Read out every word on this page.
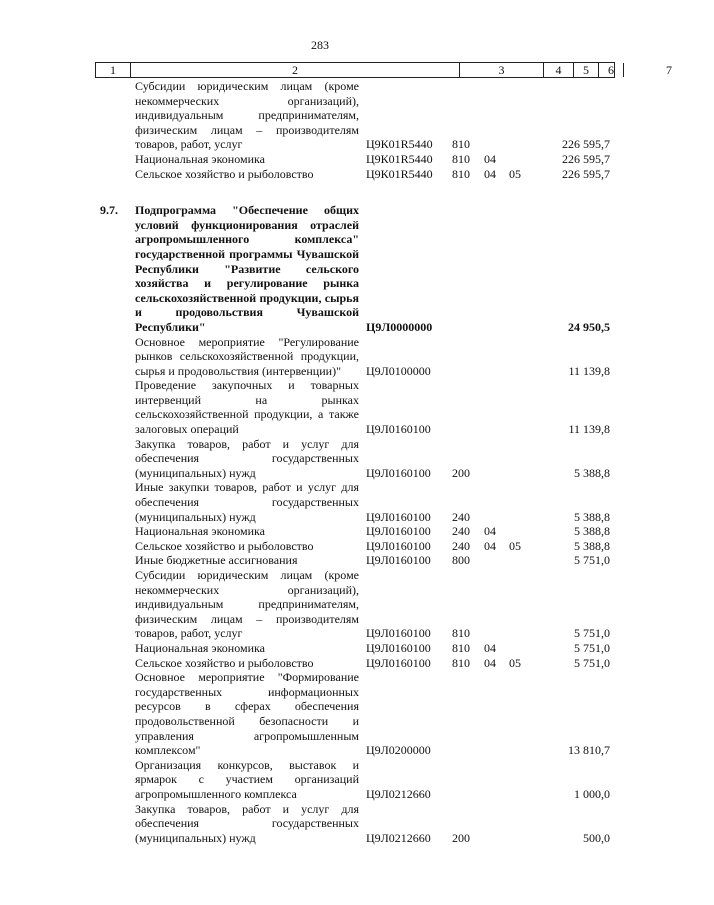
283
1	2	3	4	5	6	7
Субсидии юридическим лицам (кроме некоммерческих организаций), индивидуальным предпринимателям, физическим лицам – производителям товаров, работ, услуг	Ц9К01R5440 810	226 595,7
Национальная экономика	Ц9К01R5440 810 04	226 595,7
Сельское хозяйство и рыболовство	Ц9К01R5440 810 04 05	226 595,7
9.7. Подпрограмма "Обеспечение общих условий функционирования отраслей агропромышленного комплекса" государственной программы Чувашской Республики "Развитие сельского хозяйства и регулирование рынка сельскохозяйственной продукции, сырья и продовольствия Чувашской Республики"	Ц9Л0000000	24 950,5
Основное мероприятие "Регулирование рынков сельскохозяйственной продукции, сырья и продовольствия (интервенции)"	Ц9Л0100000	11 139,8
Проведение закупочных и товарных интервенций на рынках сельскохозяйственной продукции, а также залоговых операций	Ц9Л0160100	11 139,8
Закупка товаров, работ и услуг для обеспечения государственных (муниципальных) нужд	Ц9Л0160100 200	5 388,8
Иные закупки товаров, работ и услуг для обеспечения государственных (муниципальных) нужд	Ц9Л0160100 240	5 388,8
Национальная экономика	Ц9Л0160100 240 04	5 388,8
Сельское хозяйство и рыболовство	Ц9Л0160100 240 04 05	5 388,8
Иные бюджетные ассигнования	Ц9Л0160100 800	5 751,0
Субсидии юридическим лицам (кроме некоммерческих организаций), индивидуальным предпринимателям, физическим лицам – производителям товаров, работ, услуг	Ц9Л0160100 810	5 751,0
Национальная экономика	Ц9Л0160100 810 04	5 751,0
Сельское хозяйство и рыболовство	Ц9Л0160100 810 04 05	5 751,0
Основное мероприятие "Формирование государственных информационных ресурсов в сферах обеспечения продовольственной безопасности и управления агропромышленным комплексом"	Ц9Л0200000	13 810,7
Организация конкурсов, выставок и ярмарок с участием организаций агропромышленного комплекса	Ц9Л0212660	1 000,0
Закупка товаров, работ и услуг для обеспечения государственных (муниципальных) нужд	Ц9Л0212660 200	500,0
